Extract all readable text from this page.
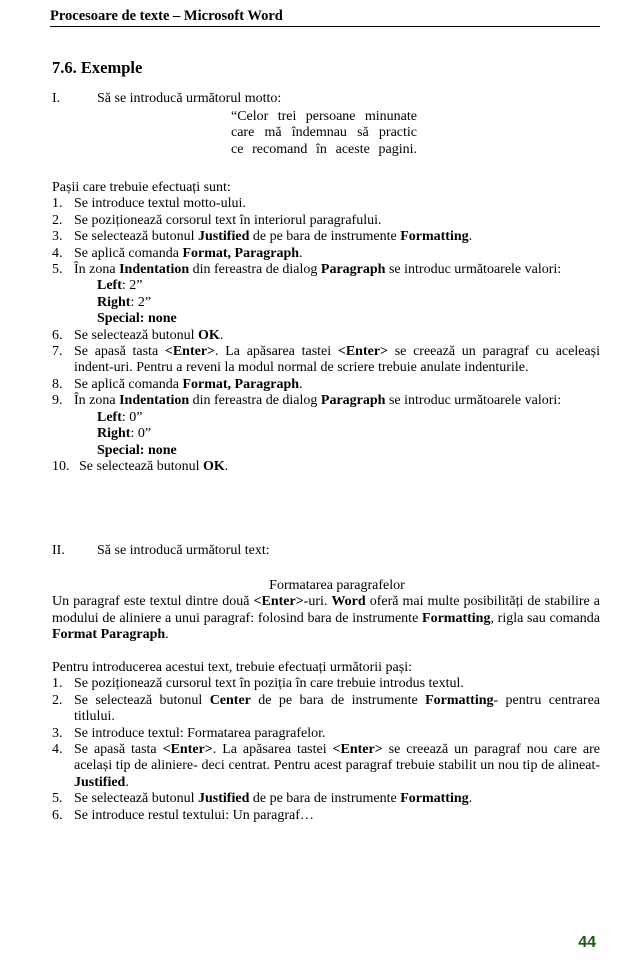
Procesoare de texte – Microsoft Word
7.6. Exemple
I.	Să se introducă următorul motto:
“Celor trei persoane minunate
care mă îndemnau să practic
ce recomand în aceste pagini.
Pașii care trebuie efectuați sunt:
1. Se introduce textul motto-ului.
2. Se poziționează corsorul text în interiorul paragrafului.
3. Se selectează butonul Justified de pe bara de instrumente Formatting.
4. Se aplică comanda Format, Paragraph.
5. În zona Indentation din fereastra de dialog Paragraph se introduc următoarele valori:
Left: 2”
Right: 2”
Special: none
6. Se selectează butonul OK.
7. Se apasă tasta <Enter>. La apăsarea tastei <Enter> se creează un paragraf cu aceleași indent-uri. Pentru a reveni la modul normal de scriere trebuie anulate indenturile.
8. Se aplică comanda Format, Paragraph.
9. În zona Indentation din fereastra de dialog Paragraph se introduc următoarele valori:
Left: 0”
Right: 0”
Special: none
10. Se selectează butonul OK.
II. Să se introducă următorul text:
Formatarea paragrafelor
Un paragraf este textul dintre două <Enter>-uri. Word oferă mai multe posibilități de stabilire a modului de aliniere a unui paragraf: folosind bara de instrumente Formatting, rigla sau comanda Format Paragraph.
Pentru introducerea acestui text, trebuie efectuați următorii pași:
1. Se poziționează cursorul text în poziția în care trebuie introdus textul.
2. Se selectează butonul Center de pe bara de instrumente Formatting- pentru centrarea titlului.
3. Se introduce textul: Formatarea paragrafelor.
4. Se apasă tasta <Enter>. La apăsarea tastei <Enter> se creează un paragraf nou care are același tip de aliniere- deci centrat. Pentru acest paragraf trebuie stabilit un nou tip de alineat- Justified.
5. Se selectează butonul Justified de pe bara de instrumente Formatting.
6. Se introduce restul textului: Un paragraf…
44
